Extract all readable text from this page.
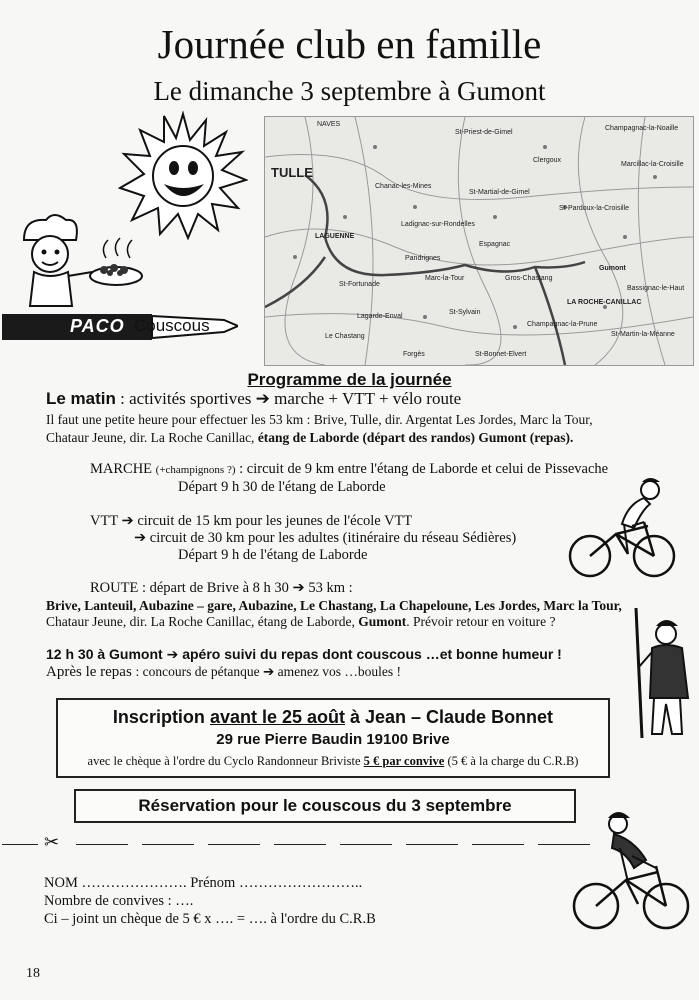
Journée club en famille
Le dimanche 3 septembre à Gumont
PACO Couscous
NAVES
St-Priest-de-Gimel
Champagnac-la-Noaille
TULLE
Clergoux
Marcillac-la-Croisille
Chanac-les-Mines
St-Martial-de-Gimel
St-Pardoux-la-Croisille
LAGUENNE
Ladignac-sur-Rondelles
Espagnac
Pandrignes
Gumont
Bassignac-le-Haut
St-Fortunade
Marc-la-Tour	Gros-Chastang
LA ROCHE-CANILLAC
Lagarde-Enval
St-Sylvain
Champagnac-la-Prune
Le Chastang	St-Martin-la-Méanne
Forgès	St-Bonnet-Elvert
Programme de la journée
Le matin : activités sportives ➔ marche + VTT + vélo route
Il faut une petite heure pour effectuer les 53 km : Brive, Tulle, dir. Argentat Les Jordes, Marc la Tour,
Chataur Jeune, dir. La Roche Canillac, étang de Laborde (départ des randos) Gumont (repas).
MARCHE (+champignons ?) : circuit de 9 km entre l'étang de Laborde et celui de Pissevache
Départ 9 h 30 de l'étang de Laborde
VTT ➔ circuit de 15 km pour les jeunes de l'école VTT
➔ circuit de 30 km pour les adultes (itinéraire du réseau Sédières)
Départ 9 h de l'étang de Laborde
ROUTE : départ de Brive à 8 h 30 ➔ 53 km :
Brive, Lanteuil, Aubazine – gare, Aubazine, Le Chastang, La Chapeloune, Les Jordes, Marc la Tour,
Chataur Jeune, dir. La Roche Canillac, étang de Laborde, Gumont. Prévoir retour en voiture ?
12 h 30 à Gumont ➔ apéro suivi du repas dont couscous …et bonne humeur !
Après le repas : concours de pétanque ➔ amenez vos …boules !
Inscription avant le 25 août à Jean – Claude Bonnet
29 rue Pierre Baudin 19100 Brive
avec le chèque à l'ordre du Cyclo Randonneur Briviste 5 € par convive (5 € à la charge du C.R.B)
Réservation pour le couscous du 3 septembre
✂
NOM …………………. Prénom ……………………..
Nombre de convives : ….
Ci – joint un chèque de 5 € x …. = …. à l'ordre du C.R.B
18
